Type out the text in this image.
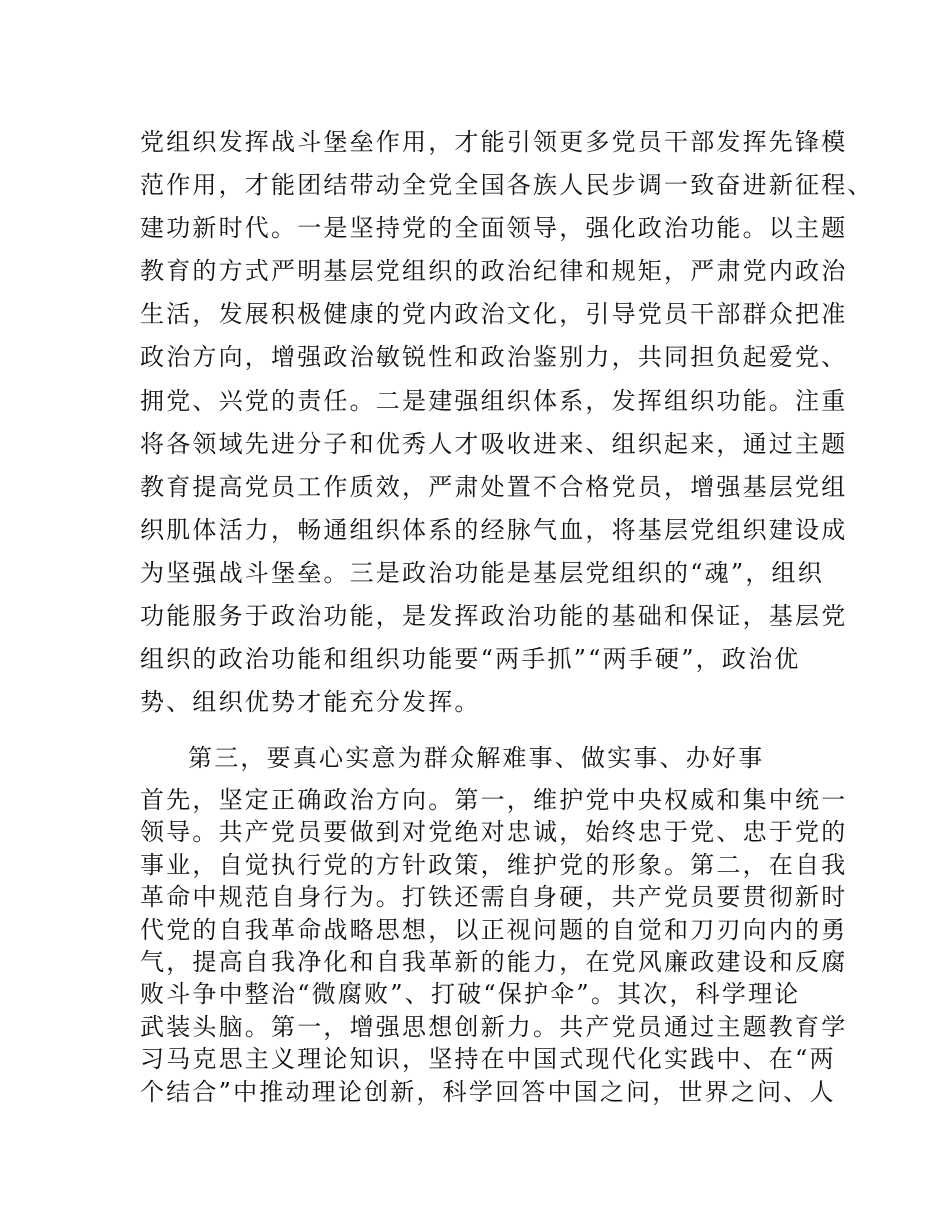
党组织发挥战斗堡垒作用，才能引领更多党员干部发挥先锋模
范作用，才能团结带动全党全国各族人民步调一致奋进新征程、
建功新时代。一是坚持党的全面领导，强化政治功能。以主题
教育的方式严明基层党组织的政治纪律和规矩，严肃党内政治
生活，发展积极健康的党内政治文化，引导党员干部群众把准
政治方向，增强政治敏锐性和政治鉴别力，共同担负起爱党、
拥党、兴党的责任。二是建强组织体系，发挥组织功能。注重
将各领域先进分子和优秀人才吸收进来、组织起来，通过主题
教育提高党员工作质效，严肃处置不合格党员，增强基层党组
织肌体活力，畅通组织体系的经脉气血，将基层党组织建设成
为坚强战斗堡垒。三是政治功能是基层党组织的“魂”，组织
功能服务于政治功能，是发挥政治功能的基础和保证，基层党
组织的政治功能和组织功能要“两手抓”“两手硬”，政治优
势、组织优势才能充分发挥。
第三，要真心实意为群众解难事、做实事、办好事
首先，坚定正确政治方向。第一，维护党中央权威和集中统一
领导。共产党员要做到对党绝对忠诚，始终忠于党、忠于党的
事业，自觉执行党的方针政策，维护党的形象。第二，在自我
革命中规范自身行为。打铁还需自身硬，共产党员要贯彻新时
代党的自我革命战略思想，以正视问题的自觉和刀刃向内的勇
气，提高自我净化和自我革新的能力，在党风廉政建设和反腐
败斗争中整治“微腐败”、打破“保护伞”。其次，科学理论
武装头脑。第一，增强思想创新力。共产党员通过主题教育学
习马克思主义理论知识，坚持在中国式现代化实践中、在“两
个结合”中推动理论创新，科学回答中国之问，世界之问、人
